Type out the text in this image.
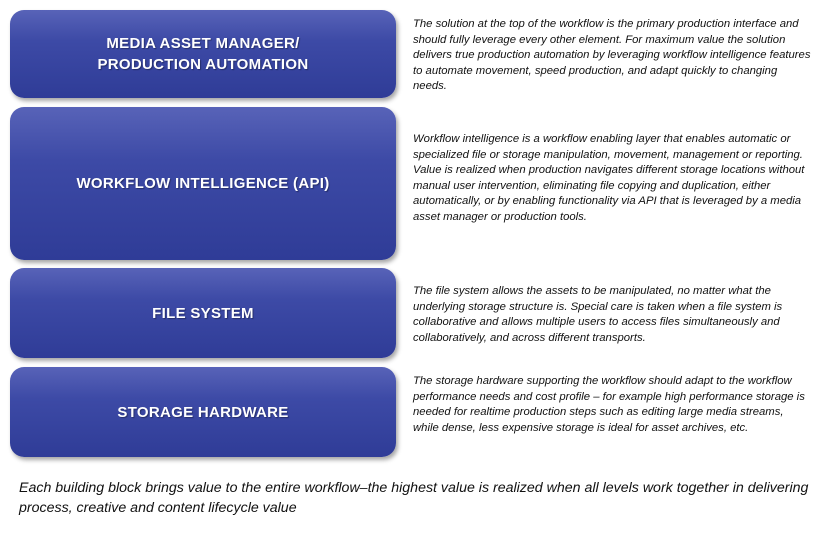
MEDIA ASSET MANAGER/
PRODUCTION AUTOMATION
The solution at the top of the workflow is the primary production interface and should fully leverage every other element. For maximum value the solution delivers true production automation by leveraging workflow intelligence features to automate movement, speed production, and adapt quickly to changing needs.
WORKFLOW INTELLIGENCE (API)
Workflow intelligence is a workflow enabling layer that enables automatic or specialized file or storage manipulation, movement, management or reporting. Value is realized when production navigates different storage locations without manual user intervention, eliminating file copying and duplication, either automatically, or by enabling functionality via API that is leveraged by a media asset manager or production tools.
FILE SYSTEM
The file system allows the assets to be manipulated, no matter what the underlying storage structure is. Special care is taken when a file system is collaborative and allows multiple users to access files simultaneously and collaboratively, and across different transports.
STORAGE HARDWARE
The storage hardware supporting the workflow should adapt to the workflow performance needs and cost profile – for example high performance storage is needed for realtime production steps such as editing large media streams, while dense, less expensive storage is ideal for asset archives, etc.
Each building block brings value to the entire workflow–the highest value is realized when all levels work together in delivering process, creative and content lifecycle value
